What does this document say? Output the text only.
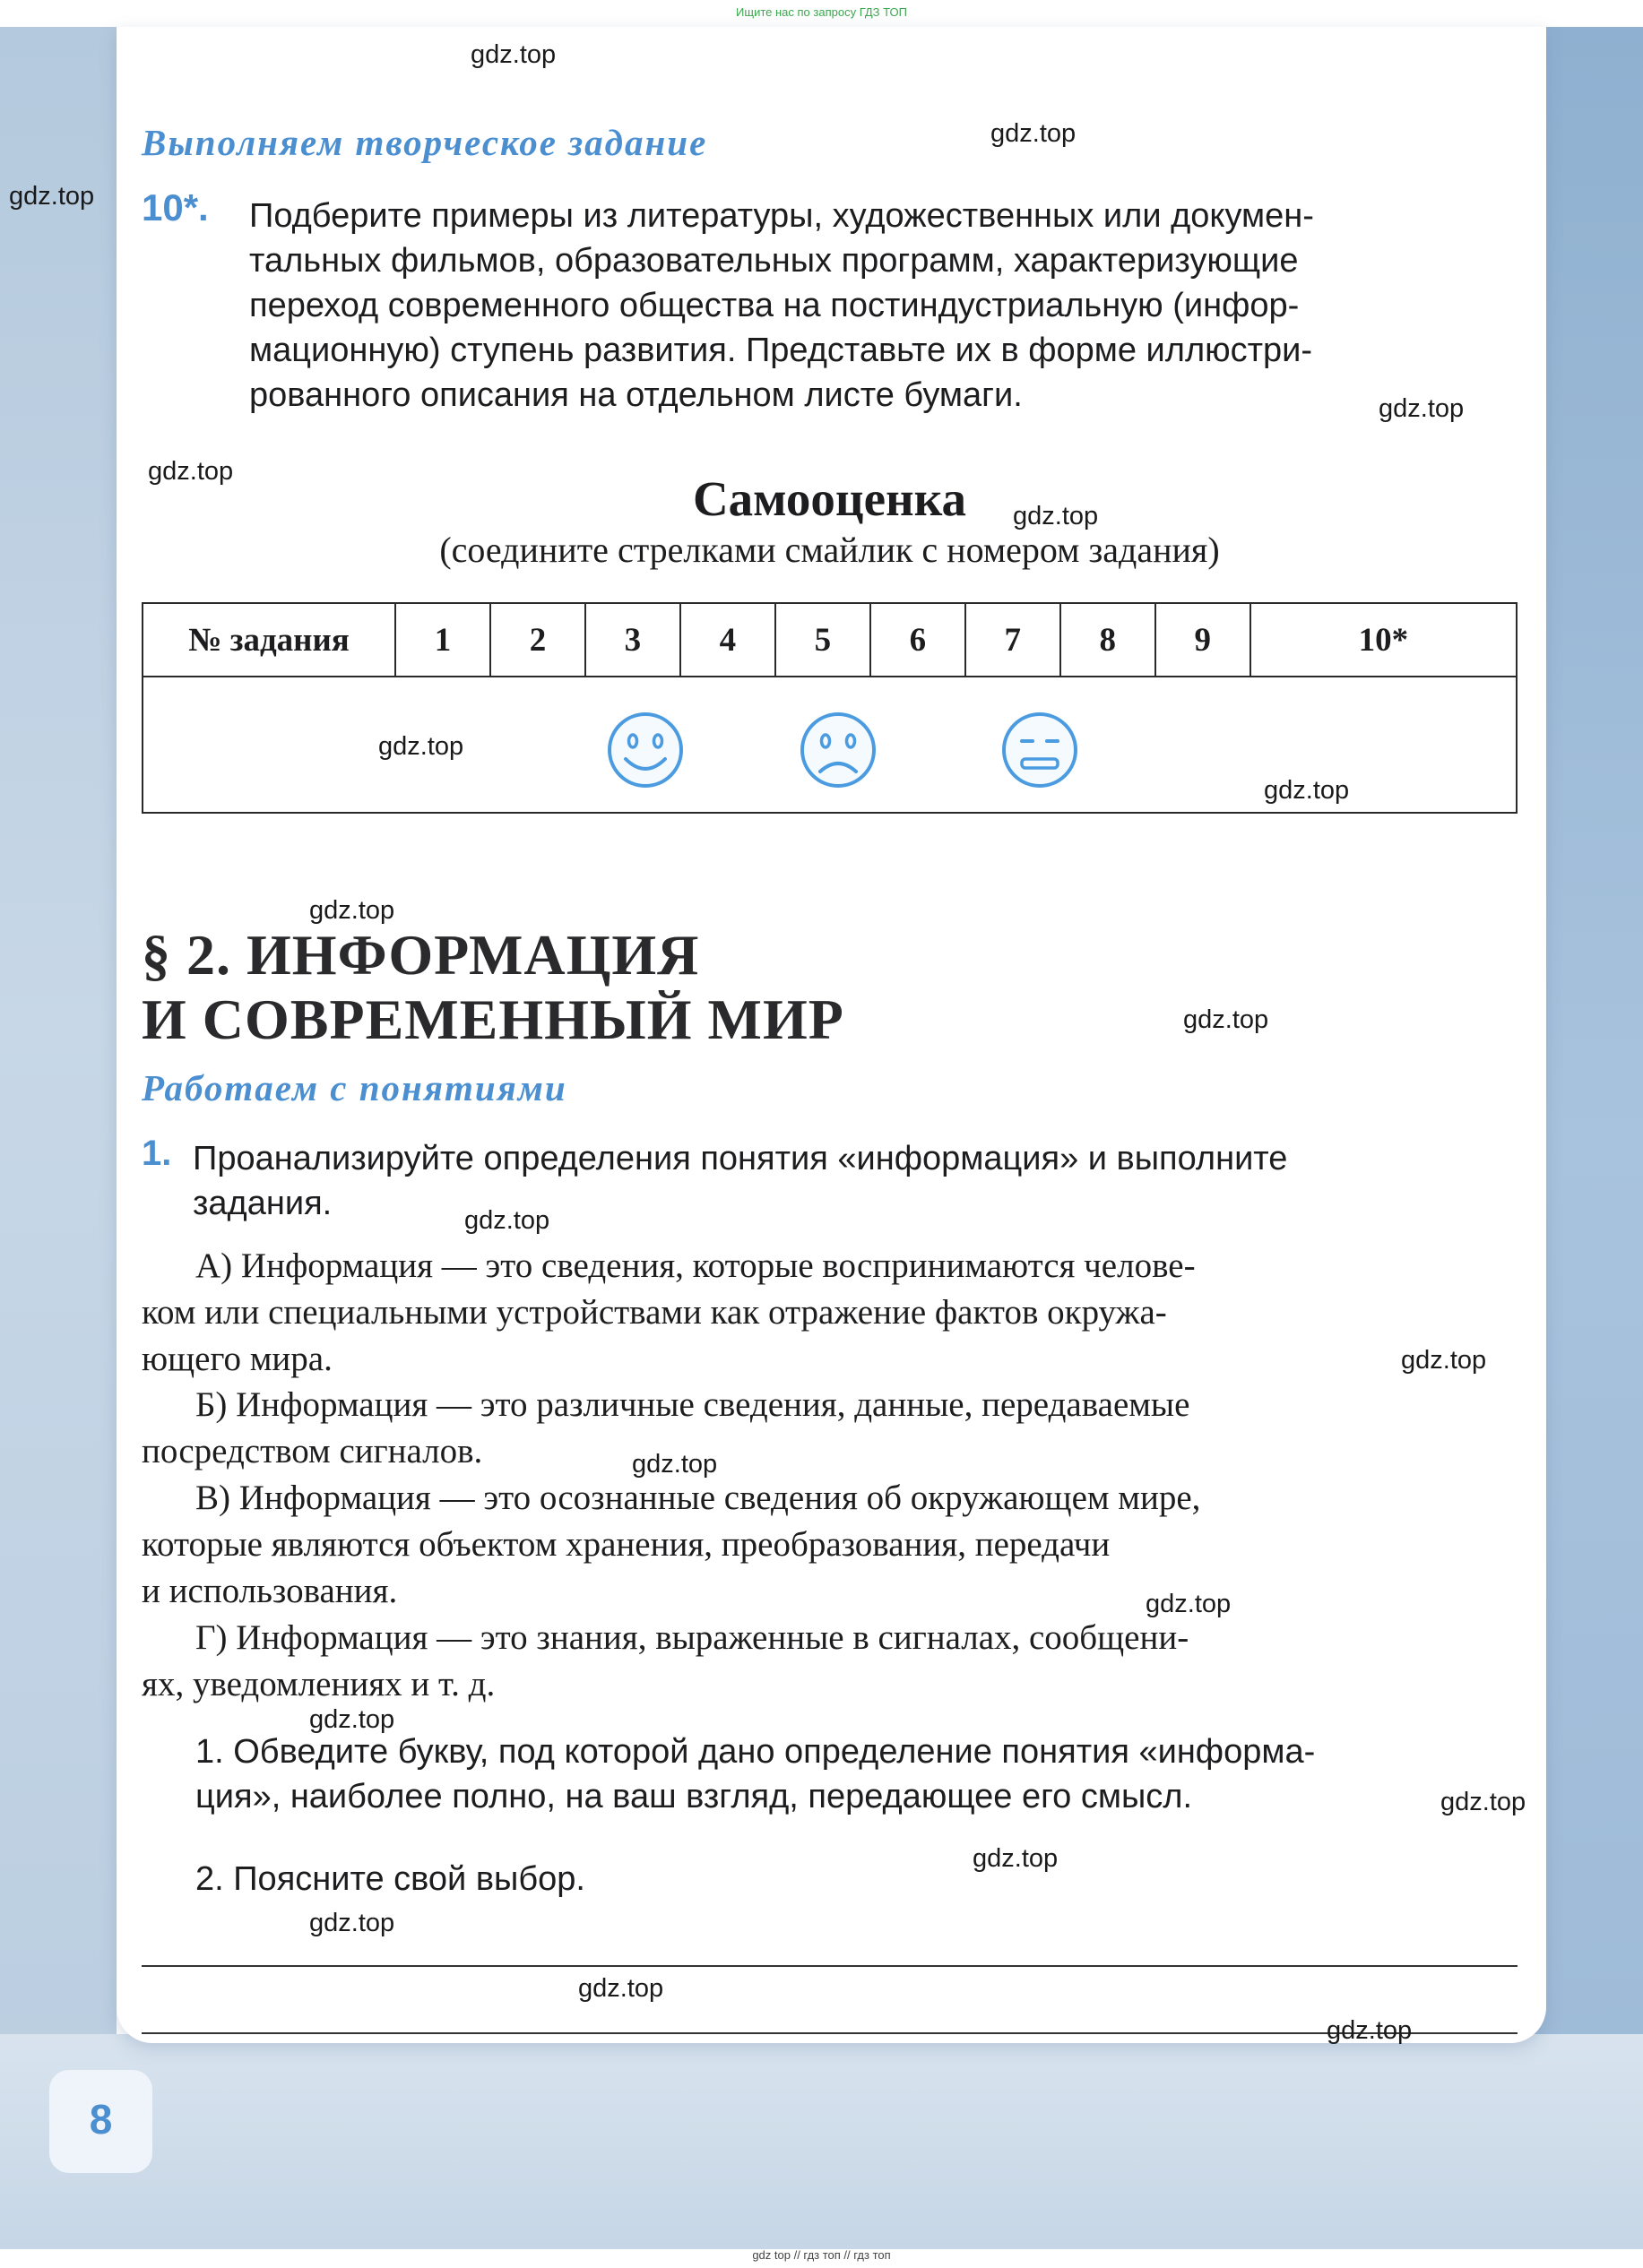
Ищите нас по запросу ГДЗ ТОП
Выполняем творческое задание
10*. Подберите примеры из литературы, художественных или докумен-
тальных фильмов, образовательных программ, характеризующие
переход современного общества на постиндустриальную (инфор-
мационную) ступень развития. Представьте их в форме иллюстри-
рованного описания на отдельном листе бумаги.
Самооценка
(соедините стрелками смайлик с номером задания)
№ задания	1	2	3	4	5	6	7	8	9	10*

§ 2. ИНФОРМАЦИЯ
И СОВРЕМЕННЫЙ МИР
Работаем с понятиями
1. Проанализируйте определения понятия «информация» и выполните
задания.
А) Информация — это сведения, которые воспринимаются челове-
ком или специальными устройствами как отражение фактов окружа-
ющего мира.
Б) Информация — это различные сведения, данные, передаваемые
посредством сигналов.
В) Информация — это осознанные сведения об окружающем мире,
которые являются объектом хранения, преобразования, передачи
и использования.
Г) Информация — это знания, выраженные в сигналах, сообщени-
ях, уведомлениях и т. д.
1. Обведите букву, под которой дано определение понятия «информа-
ция», наиболее полно, на ваш взгляд, передающее его смысл.
2. Поясните свой выбор.
8
gdz.top
gdz.top
gdz.top
gdz.top
gdz.top
gdz.top
gdz.top
gdz.top
gdz.top
gdz.top
gdz.top
gdz.top
gdz.top
gdz.top
gdz.top
gdz.top
gdz.top
gdz.top
gdz.top
gdz.top
gdz top // гдз топ // гдз топ
